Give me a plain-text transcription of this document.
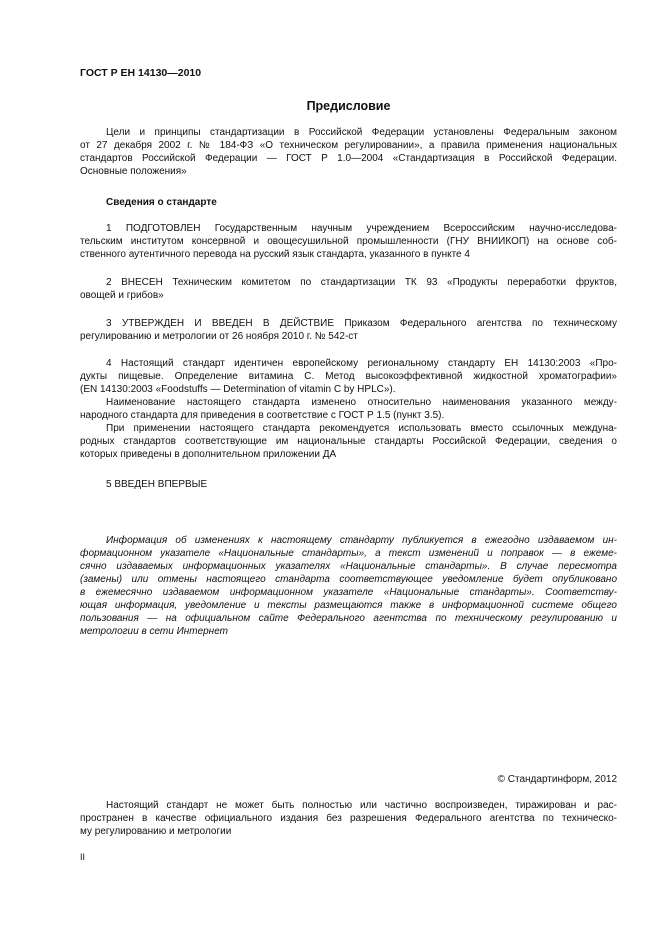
ГОСТ Р ЕН 14130—2010
Предисловие
Цели и принципы стандартизации в Российской Федерации установлены Федеральным законом
от 27 декабря 2002 г. № 184-ФЗ «О техническом регулировании», а правила применения национальных
стандартов Российской Федерации — ГОСТ Р 1.0—2004 «Стандартизация в Российской Федерации.
Основные положения»
Сведения о стандарте
1 ПОДГОТОВЛЕН Государственным научным учреждением Всероссийским научно-исследова-
тельским институтом консервной и овощесушильной промышленности (ГНУ ВНИИКОП) на основе соб-
ственного аутентичного перевода на русский язык стандарта, указанного в пункте 4
2 ВНЕСЕН Техническим комитетом по стандартизации ТК 93 «Продукты переработки фруктов,
овощей и грибов»
3 УТВЕРЖДЕН И ВВЕДЕН В ДЕЙСТВИЕ Приказом Федерального агентства по техническому
регулированию и метрологии от 26 ноября 2010 г. № 542-ст
4 Настоящий стандарт идентичен европейскому региональному стандарту ЕН 14130:2003 «Про-
дукты пищевые. Определение витамина С. Метод высокоэффективной жидкостной хроматографии»
(EN 14130:2003 «Foodstuffs — Determination of vitamin С by HPLC»).
Наименование настоящего стандарта изменено относительно наименования указанного между-
народного стандарта для приведения в соответствие с ГОСТ Р 1.5 (пункт 3.5).
При применении настоящего стандарта рекомендуется использовать вместо ссылочных междуна-
родных стандартов соответствующие им национальные стандарты Российской Федерации, сведения о
которых приведены в дополнительном приложении ДА
5 ВВЕДЕН ВПЕРВЫЕ
Информация об изменениях к настоящему стандарту публикуется в ежегодно издаваемом ин-
формационном указателе «Национальные стандарты», а текст изменений и поправок — в ежеме-
сячно издаваемых информационных указателях «Национальные стандарты». В случае пересмотра
(замены) или отмены настоящего стандарта соответствующее уведомление будет опубликовано
в ежемесячно издаваемом информационном указателе «Национальные стандарты». Соответству-
ющая информация, уведомление и тексты размещаются также в информационной системе общего
пользования — на официальном сайте Федерального агентства по техническому регулированию и
метрологии в сети Интернет
© Стандартинформ, 2012
Настоящий стандарт не может быть полностью или частично воспроизведен, тиражирован и рас-
пространен в качестве официального издания без разрешения Федерального агентства по техническо-
му регулированию и метрологии
II
